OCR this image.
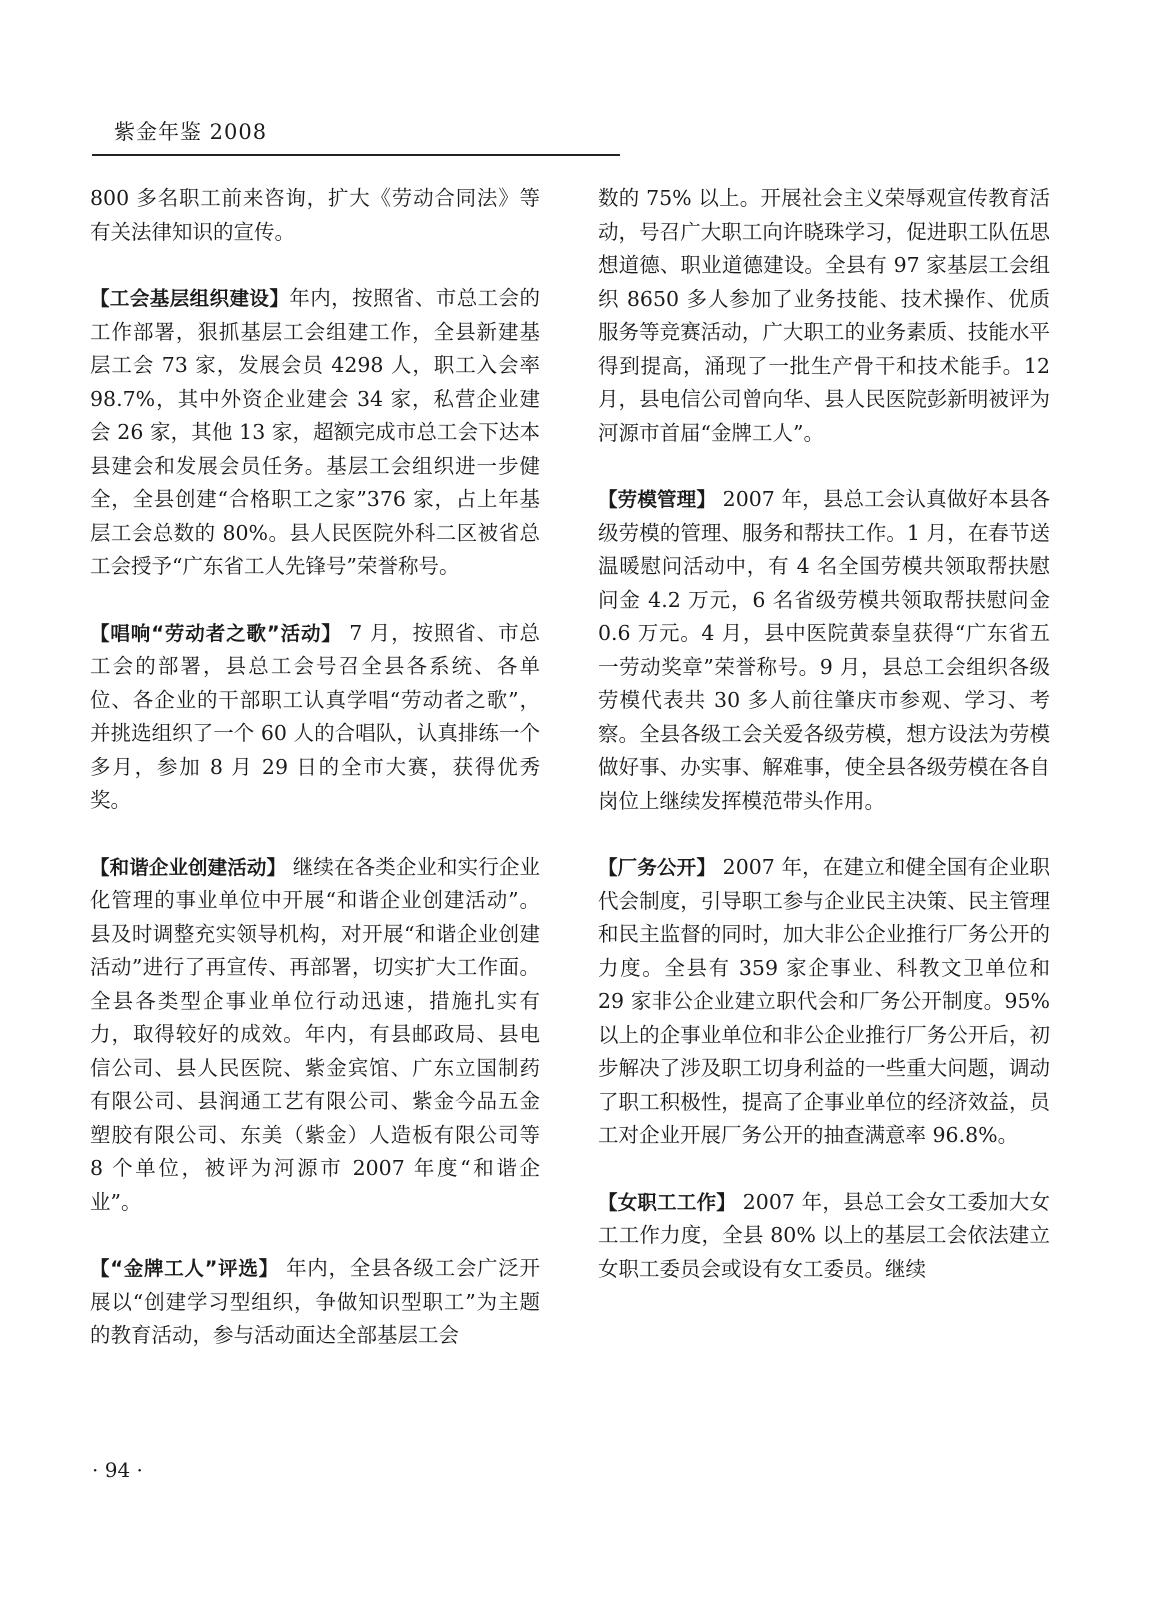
紫金年鉴 2008

800 多名职工前来咨询，扩大《劳动合同法》等有关法律知识的宣传。

【工会基层组织建设】年内，按照省、市总工会的工作部署，狠抓基层工会组建工作，全县新建基层工会 73 家，发展会员 4298 人，职工入会率 98.7%，其中外资企业建会 34 家，私营企业建会 26 家，其他 13 家，超额完成市总工会下达本县建会和发展会员任务。基层工会组织进一步健全，全县创建“合格职工之家”376 家，占上年基层工会总数的 80%。县人民医院外科二区被省总工会授予“广东省工人先锋号”荣誉称号。

【唱响“劳动者之歌”活动】 7 月，按照省、市总工会的部署，县总工会号召全县各系统、各单位、各企业的干部职工认真学唱“劳动者之歌”，并挑选组织了一个 60 人的合唱队，认真排练一个多月，参加 8 月 29 日的全市大赛，获得优秀奖。

【和谐企业创建活动】 继续在各类企业和实行企业化管理的事业单位中开展“和谐企业创建活动”。县及时调整充实领导机构，对开展“和谐企业创建活动”进行了再宣传、再部署，切实扩大工作面。全县各类型企事业单位行动迅速，措施扎实有力，取得较好的成效。年内，有县邮政局、县电信公司、县人民医院、紫金宾馆、广东立国制药有限公司、县润通工艺有限公司、紫金今品五金塑胶有限公司、东美（紫金）人造板有限公司等 8 个单位，被评为河源市 2007 年度“和谐企业”。

【“金牌工人”评选】 年内，全县各级工会广泛开展以“创建学习型组织，争做知识型职工”为主题的教育活动，参与活动面达全部基层工会

数的 75% 以上。开展社会主义荣辱观宣传教育活动，号召广大职工向许晓珠学习，促进职工队伍思想道德、职业道德建设。全县有 97 家基层工会组织 8650 多人参加了业务技能、技术操作、优质服务等竞赛活动，广大职工的业务素质、技能水平得到提高，涌现了一批生产骨干和技术能手。12 月，县电信公司曾向华、县人民医院彭新明被评为河源市首届“金牌工人”。

【劳模管理】 2007 年，县总工会认真做好本县各级劳模的管理、服务和帮扶工作。1 月，在春节送温暖慰问活动中，有 4 名全国劳模共领取帮扶慰问金 4.2 万元，6 名省级劳模共领取帮扶慰问金 0.6 万元。4 月，县中医院黄泰皇获得“广东省五一劳动奖章”荣誉称号。9 月，县总工会组织各级劳模代表共 30 多人前往肇庆市参观、学习、考察。全县各级工会关爱各级劳模，想方设法为劳模做好事、办实事、解难事，使全县各级劳模在各自岗位上继续发挥模范带头作用。

【厂务公开】 2007 年，在建立和健全国有企业职代会制度，引导职工参与企业民主决策、民主管理和民主监督的同时，加大非公企业推行厂务公开的力度。全县有 359 家企事业、科教文卫单位和 29 家非公企业建立职代会和厂务公开制度。95% 以上的企事业单位和非公企业推行厂务公开后，初步解决了涉及职工切身利益的一些重大问题，调动了职工积极性，提高了企事业单位的经济效益，员工对企业开展厂务公开的抽查满意率 96.8%。

【女职工工作】 2007 年，县总工会女工委加大女工工作力度，全县 80% 以上的基层工会依法建立女职工委员会或设有女工委员。继续

· 94 ·
